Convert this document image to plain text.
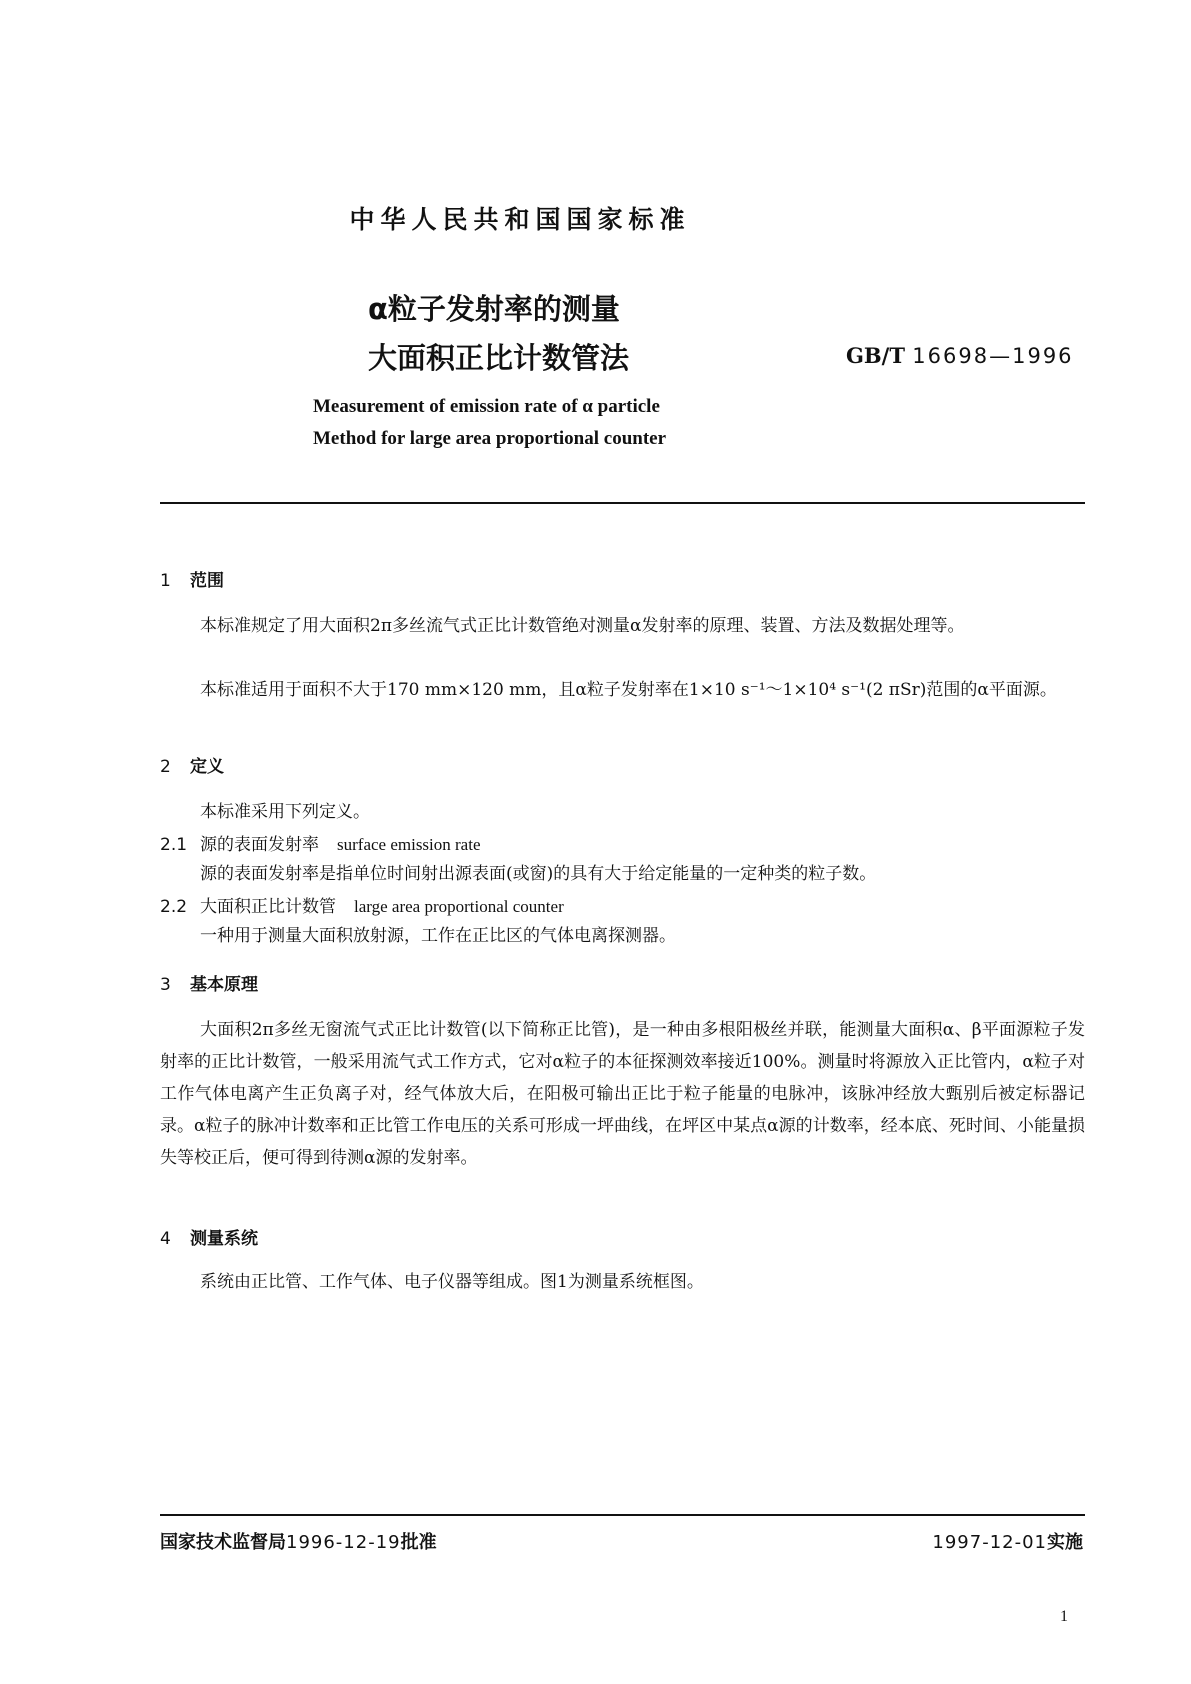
中华人民共和国国家标准
α粒子发射率的测量
大面积正比计数管法	GB/T 16698—1996
Measurement of emission rate of α particle
Method for large area proportional counter
1 范围
本标准规定了用大面积2π多丝流气式正比计数管绝对测量α发射率的原理、装置、方法及数据处理等。
本标准适用于面积不大于170 mm×120 mm，且α粒子发射率在1×10 s⁻¹～1×10⁴ s⁻¹(2 πSr)范围的α平面源。
2 定义
本标准采用下列定义。
2.1 源的表面发射率 surface emission rate
源的表面发射率是指单位时间射出源表面(或窗)的具有大于给定能量的一定种类的粒子数。
2.2 大面积正比计数管 large area proportional counter
一种用于测量大面积放射源，工作在正比区的气体电离探测器。
3 基本原理
大面积2π多丝无窗流气式正比计数管(以下简称正比管)，是一种由多根阳极丝并联，能测量大面积α、β平面源粒子发射率的正比计数管，一般采用流气式工作方式，它对α粒子的本征探测效率接近100%。测量时将源放入正比管内，α粒子对工作气体电离产生正负离子对，经气体放大后，在阳极可输出正比于粒子能量的电脉冲，该脉冲经放大甄别后被定标器记录。α粒子的脉冲计数率和正比管工作电压的关系可形成一坪曲线，在坪区中某点α源的计数率，经本底、死时间、小能量损失等校正后，便可得到待测α源的发射率。
4 测量系统
系统由正比管、工作气体、电子仪器等组成。图1为测量系统框图。
国家技术监督局1996-12-19批准	1997-12-01实施
1
